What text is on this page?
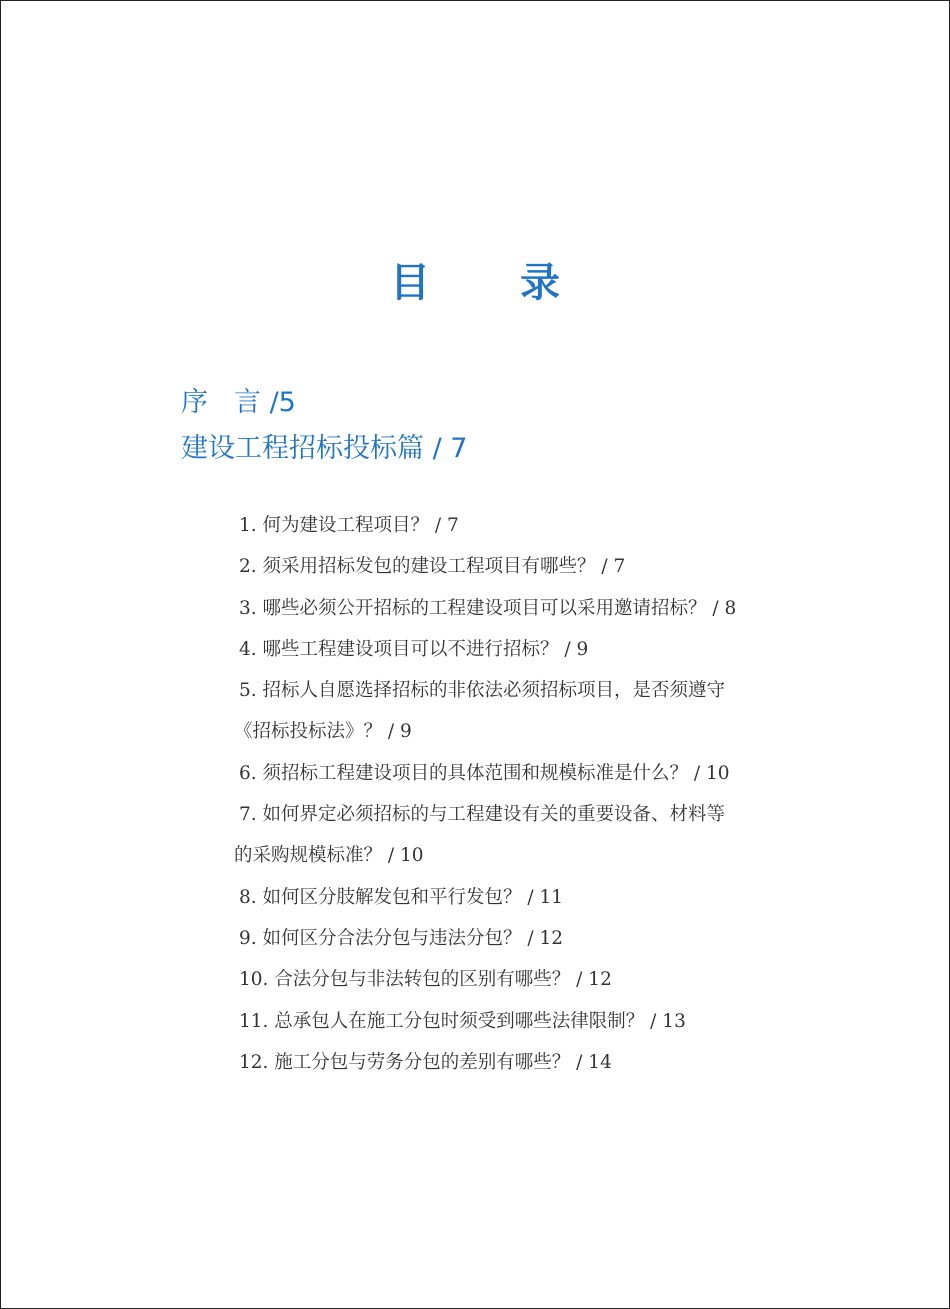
目 录
序 言 /5
建设工程招标投标篇 / 7
1. 何为建设工程项目？ / 7
2. 须采用招标发包的建设工程项目有哪些？ / 7
3. 哪些必须公开招标的工程建设项目可以采用邀请招标？ / 8
4. 哪些工程建设项目可以不进行招标？ / 9
5. 招标人自愿选择招标的非依法必须招标项目，是否须遵守
《招标投标法》？ / 9
6. 须招标工程建设项目的具体范围和规模标准是什么？ / 10
7. 如何界定必须招标的与工程建设有关的重要设备、材料等
的采购规模标准？ / 10
8. 如何区分肢解发包和平行发包？ / 11
9. 如何区分合法分包与违法分包？ / 12
10. 合法分包与非法转包的区别有哪些？ / 12
11. 总承包人在施工分包时须受到哪些法律限制？ / 13
12. 施工分包与劳务分包的差别有哪些？ / 14
